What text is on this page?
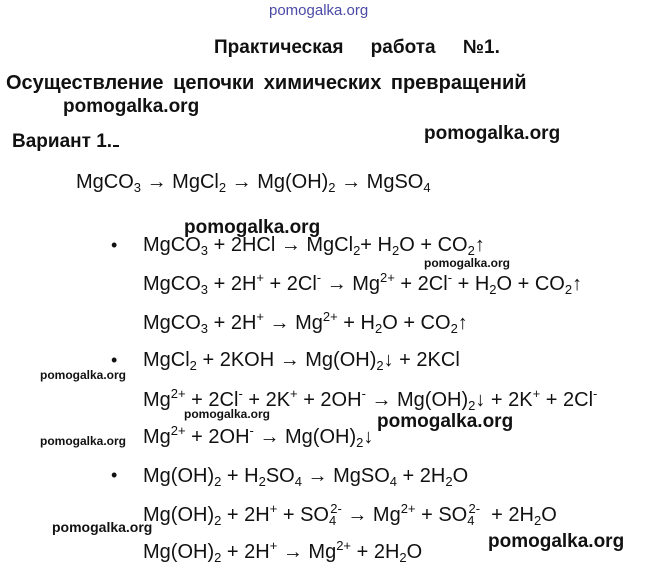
pomogalka.org
pomogalka.org
pomogalka.org
pomogalka.org
pomogalka.org
pomogalka.org
pomogalka.org	pomogalka.org
pomogalka.org
pomogalka.org
pomogalka.org
Практическая работа №1.
Осуществление цепочки химических превращений
Вариант 1.
MgCO$_3$ → MgCl$_2$ → $Mg(OH)_2$ → MgSO$_4$
•
•
•
MgCO$_3$ + 2HCl → MgCl$_2$+ $H_2O$ + $CO_2↑$
MgCO$_3$ + $2H^+ + 2Cl^- \to Mg^{2+} + 2Cl^- + H_2O$ + $CO_2↑$
MgCO$_3$ + $2H^+ \to Mg^{2+} + H_2O$ + $CO_2↑$
MgCl$_2$ + $2KOH \to Mg(OH)_2↓ + 2KCl$
$Mg^{2+} + 2Cl^- + 2K^+ + 2OH^-$ → $Mg(OH)_2↓ + 2K^+ + 2Cl^-$
$Mg^{2+} + 2OH^-$ → $Mg(OH)_2↓$
$Mg(OH)_2 + H_2SO_4$ → MgSO$_4$ + $2H_2O$
$Mg(OH)_2 + 2H^+ + SO_4^{2-} \to Mg^{2+} + SO_4^{2-} + 2H_2O$
$Mg(OH)_2 + 2H^+ \to Mg^{2+} + 2H_2O$
